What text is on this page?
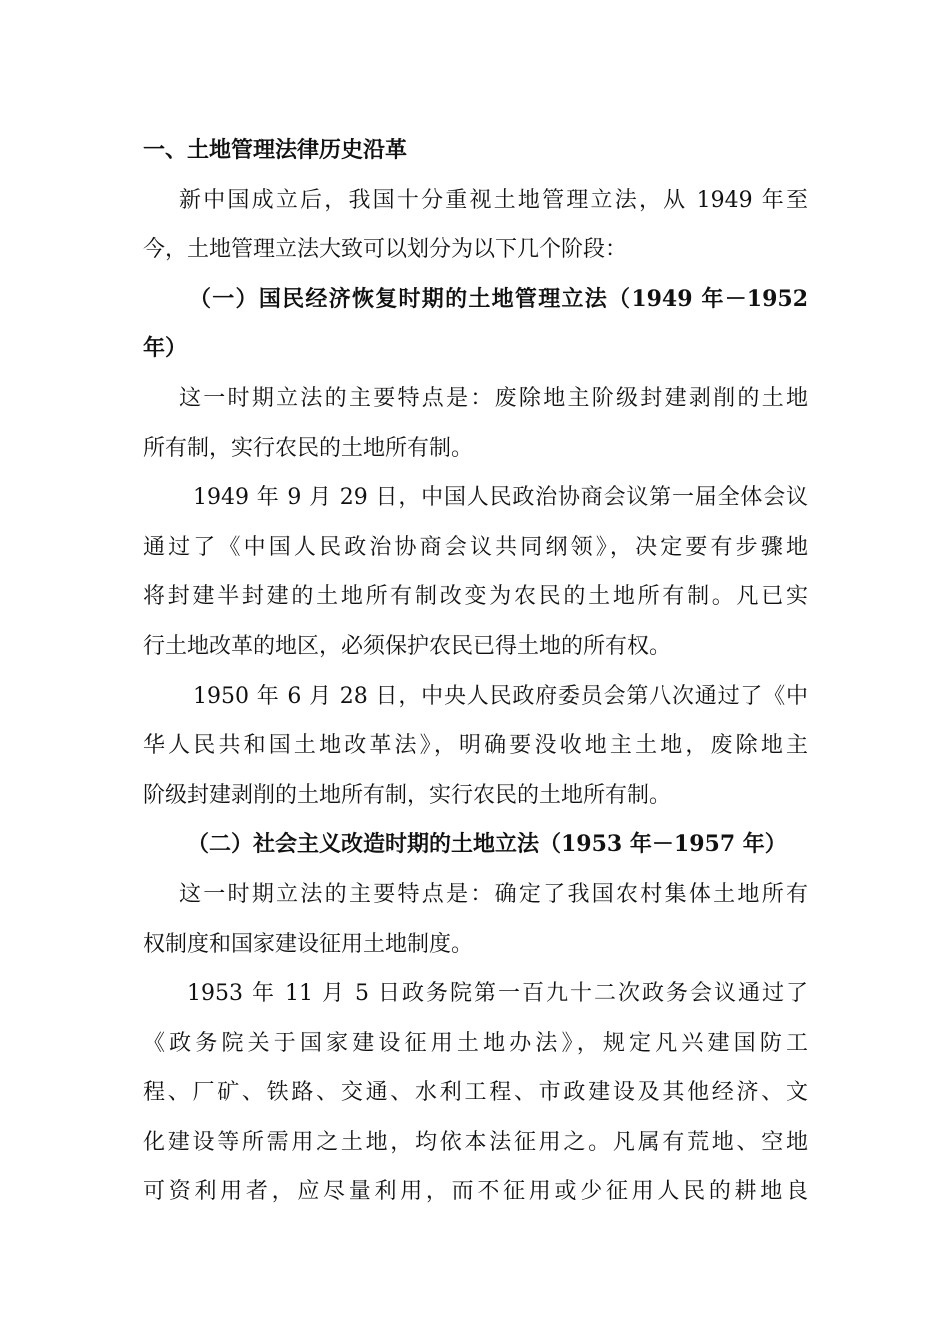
一、土地管理法律历史沿革
新中国成立后，我国十分重视土地管理立法，从 1949 年至
今，土地管理立法大致可以划分为以下几个阶段：
（一）国民经济恢复时期的土地管理立法（1949 年－1952
年）
这一时期立法的主要特点是：废除地主阶级封建剥削的土地
所有制，实行农民的土地所有制。
1949 年 9 月 29 日，中国人民政治协商会议第一届全体会议
通过了《中国人民政治协商会议共同纲领》，决定要有步骤地
将封建半封建的土地所有制改变为农民的土地所有制。凡已实
行土地改革的地区，必须保护农民已得土地的所有权。
1950 年 6 月 28 日，中央人民政府委员会第八次通过了《中
华人民共和国土地改革法》，明确要没收地主土地，废除地主
阶级封建剥削的土地所有制，实行农民的土地所有制。
（二）社会主义改造时期的土地立法（1953 年－1957 年）
这一时期立法的主要特点是：确定了我国农村集体土地所有
权制度和国家建设征用土地制度。
1953 年 11 月 5 日政务院第一百九十二次政务会议通过了
《政务院关于国家建设征用土地办法》，规定凡兴建国防工
程、厂矿、铁路、交通、水利工程、市政建设及其他经济、文
化建设等所需用之土地，均依本法征用之。凡属有荒地、空地
可资利用者，应尽量利用，而不征用或少征用人民的耕地良
